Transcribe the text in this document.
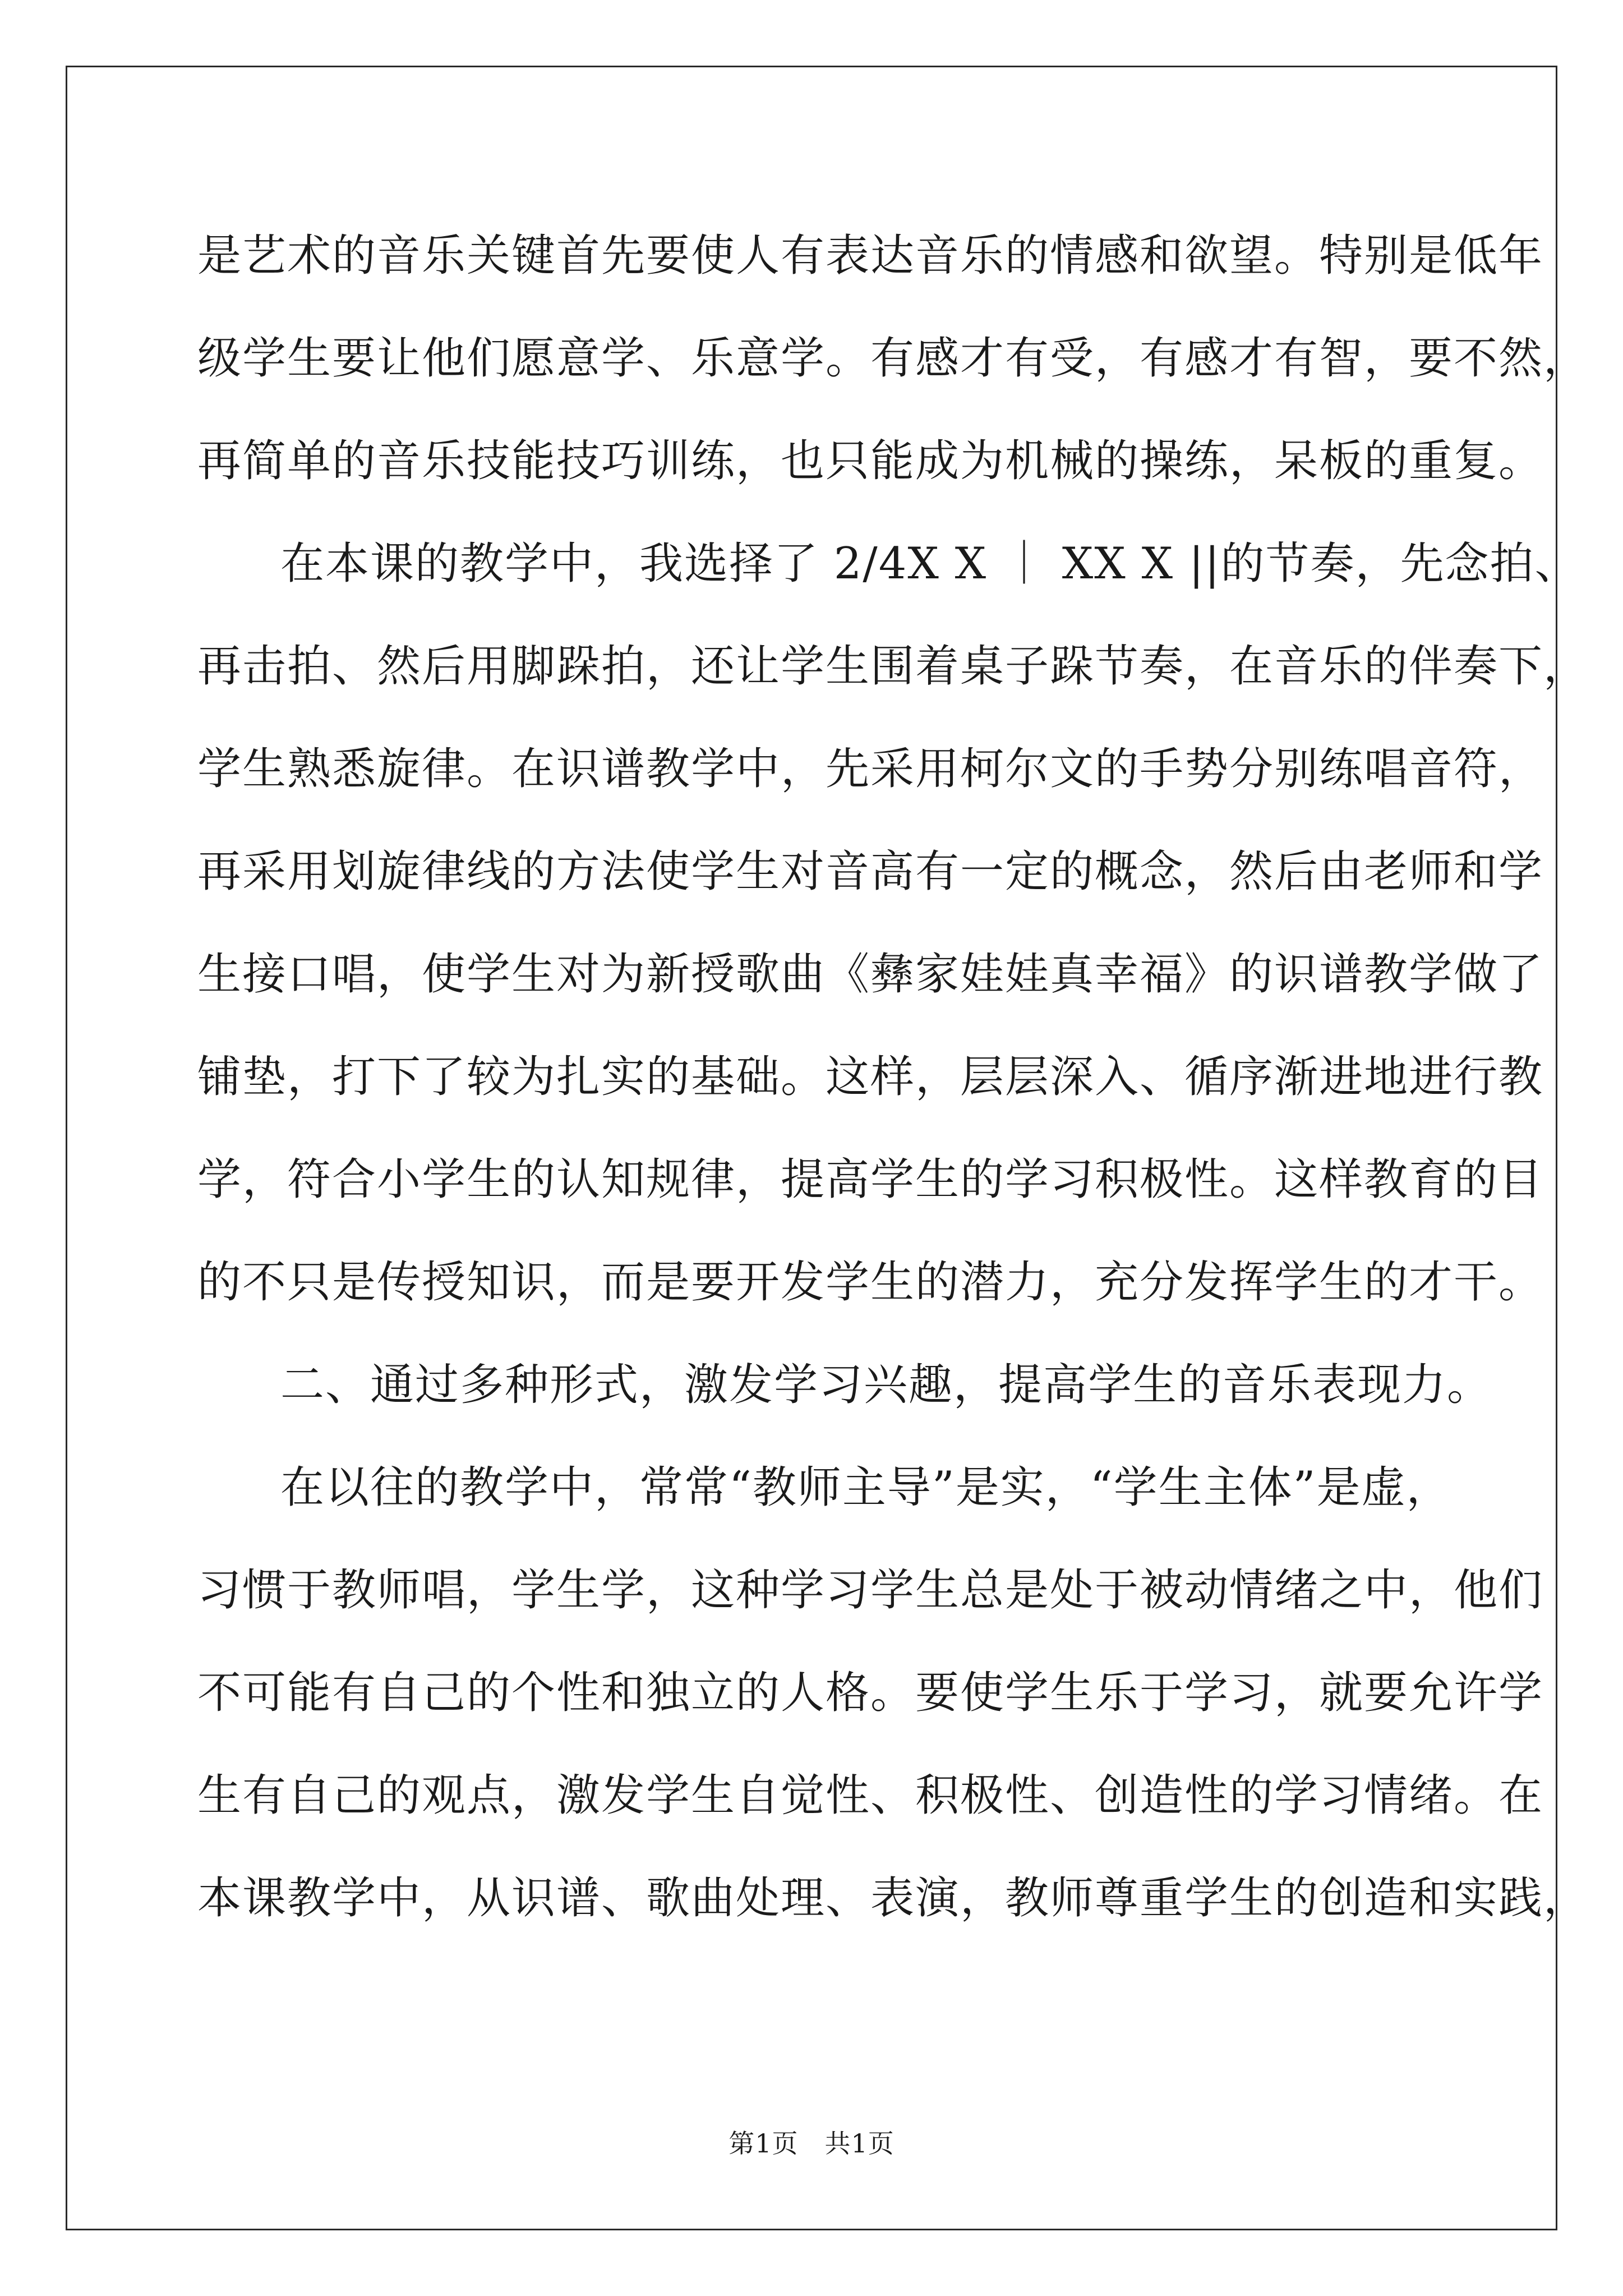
是艺术的音乐关键首先要使人有表达音乐的情感和欲望。特别是低年
级学生要让他们愿意学、乐意学。有感才有受，有感才有智，要不然，
再简单的音乐技能技巧训练，也只能成为机械的操练，呆板的重复。
在本课的教学中，我选择了 2/4X X ｜ XX X ||的节奏，先念拍、
再击拍、然后用脚跺拍，还让学生围着桌子跺节奏，在音乐的伴奏下，
学生熟悉旋律。在识谱教学中，先采用柯尔文的手势分别练唱音符，
再采用划旋律线的方法使学生对音高有一定的概念，然后由老师和学
生接口唱，使学生对为新授歌曲《彝家娃娃真幸福》的识谱教学做了
铺垫，打下了较为扎实的基础。这样，层层深入、循序渐进地进行教
学，符合小学生的认知规律，提高学生的学习积极性。这样教育的目
的不只是传授知识，而是要开发学生的潜力，充分发挥学生的才干。
二、通过多种形式，激发学习兴趣，提高学生的音乐表现力。
在以往的教学中，常常“教师主导”是实，“学生主体”是虚，
习惯于教师唱，学生学，这种学习学生总是处于被动情绪之中，他们
不可能有自己的个性和独立的人格。要使学生乐于学习，就要允许学
生有自己的观点，激发学生自觉性、积极性、创造性的学习情绪。在
本课教学中，从识谱、歌曲处理、表演，教师尊重学生的创造和实践，
第1页　共1页
